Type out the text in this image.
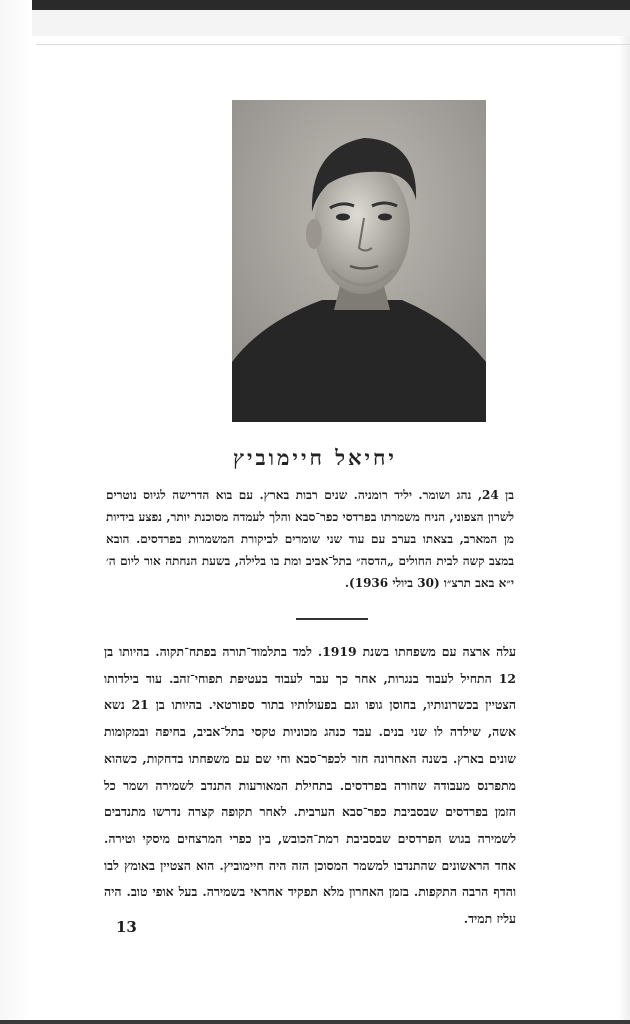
יחיאל חיימוביץ
בן 24, נהג ושומר. יליד רומניה. שנים רבות בארץ. עם בוא הדרישה לגיוס נוטרים לשרון הצפוני, הניח משמרתו בפרדסי כפר־סבא והלך לעמדה מסוכנת יותר, נפצע בידיות מן המארב, בצאתו בערב עם עוד שני שומרים לביקורת המשמרות בפרדסים. הובא במצב קשה לבית החולים „הדסה״ בתל־אביב ומת בו בלילה, בשעת הנחתה אור ליום ה׳ י״א באב תרצ״ו (30 ביולי 1936).
עלה ארצה עם משפחתו בשנת 1919. למד בתלמוד־תורה בפתח־תקוה. בהיותו בן 12 התחיל לעבוד בנגרות, אחר כך עבר לעבוד בעטיפת תפוחי־זהב. עוד בילדותו הצטיין בכשרונותיו, בחוסן גופו וגם בפעולותיו בתור ספורטאי. בהיותו בן 21 נשא אשה, שילדה לו שני בנים. עבד כנהג מכוניות טקסי בתל־אביב, בחיפה ובמקומות שונים בארץ. בשנה האחרונה חזר לכפר־סבא וחי שם עם משפחתו בדחקות, כשהוא מתפרנס מעבודה שחורה בפרדסים. בתחילת המאורעות התנדב לשמירה ושמר כל הזמן בפרדסים שבסביבת כפר־סבא הערבית. לאחר תקופה קצרה נדרשו מתנדבים לשמירה בגוש הפרדסים שבסביבת רמת־הכובש, בין כפרי המרצחים מיסקי וטירה. אחד הראשונים שהתנדבו למשמר המסוכן הזה היה חיימוביץ. הוא הצטיין באומץ לבו והדף הרבה התקפות. בזמן האחרון מלא תפקיד אחראי בשמירה. בעל אופי טוב. היה עליז תמיד.
13
